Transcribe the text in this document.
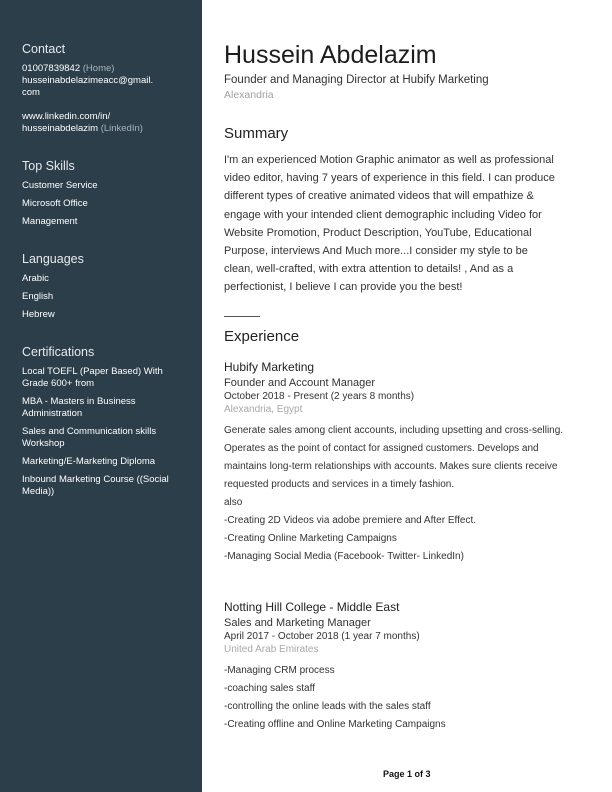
Contact
01007839842 (Home)
husseinabdelazimeacc@gmail.
com
www.linkedin.com/in/
husseinabdelazim (LinkedIn)
Top Skills
Customer Service
Microsoft Office
Management
Languages
Arabic
English
Hebrew
Certifications
Local TOEFL (Paper Based) With
Grade 600+ from
MBA - Masters in Business
Administration
Sales and Communication skills
Workshop
Marketing/E-Marketing Diploma
Inbound Marketing Course ((Social
Media))
Hussein Abdelazim
Founder and Managing Director at Hubify Marketing
Alexandria
Summary
I'm an experienced Motion Graphic animator as well as professional
video editor, having 7 years of experience in this field. I can produce
different types of creative animated videos that will empathize &
engage with your intended client demographic including Video for
Website Promotion, Product Description, YouTube, Educational
Purpose, interviews And Much more...I consider my style to be
clean, well-crafted, with extra attention to details! , And as a
perfectionist, I believe I can provide you the best!
Experience
Hubify Marketing
Founder and Account Manager
October 2018 - Present (2 years 8 months)
Alexandria, Egypt
Generate sales among client accounts, including upsetting and cross-selling.
Operates as the point of contact for assigned customers. Develops and
maintains long-term relationships with accounts. Makes sure clients receive
requested products and services in a timely fashion.
also
-Creating 2D Videos via adobe premiere and After Effect.
-Creating Online Marketing Campaigns
-Managing Social Media (Facebook- Twitter- LinkedIn)
Notting Hill College - Middle East
Sales and Marketing Manager
April 2017 - October 2018 (1 year 7 months)
United Arab Emirates
-Managing CRM process
-coaching sales staff
-controlling the online leads with the sales staff
-Creating offline and Online Marketing Campaigns
Page 1 of 3
